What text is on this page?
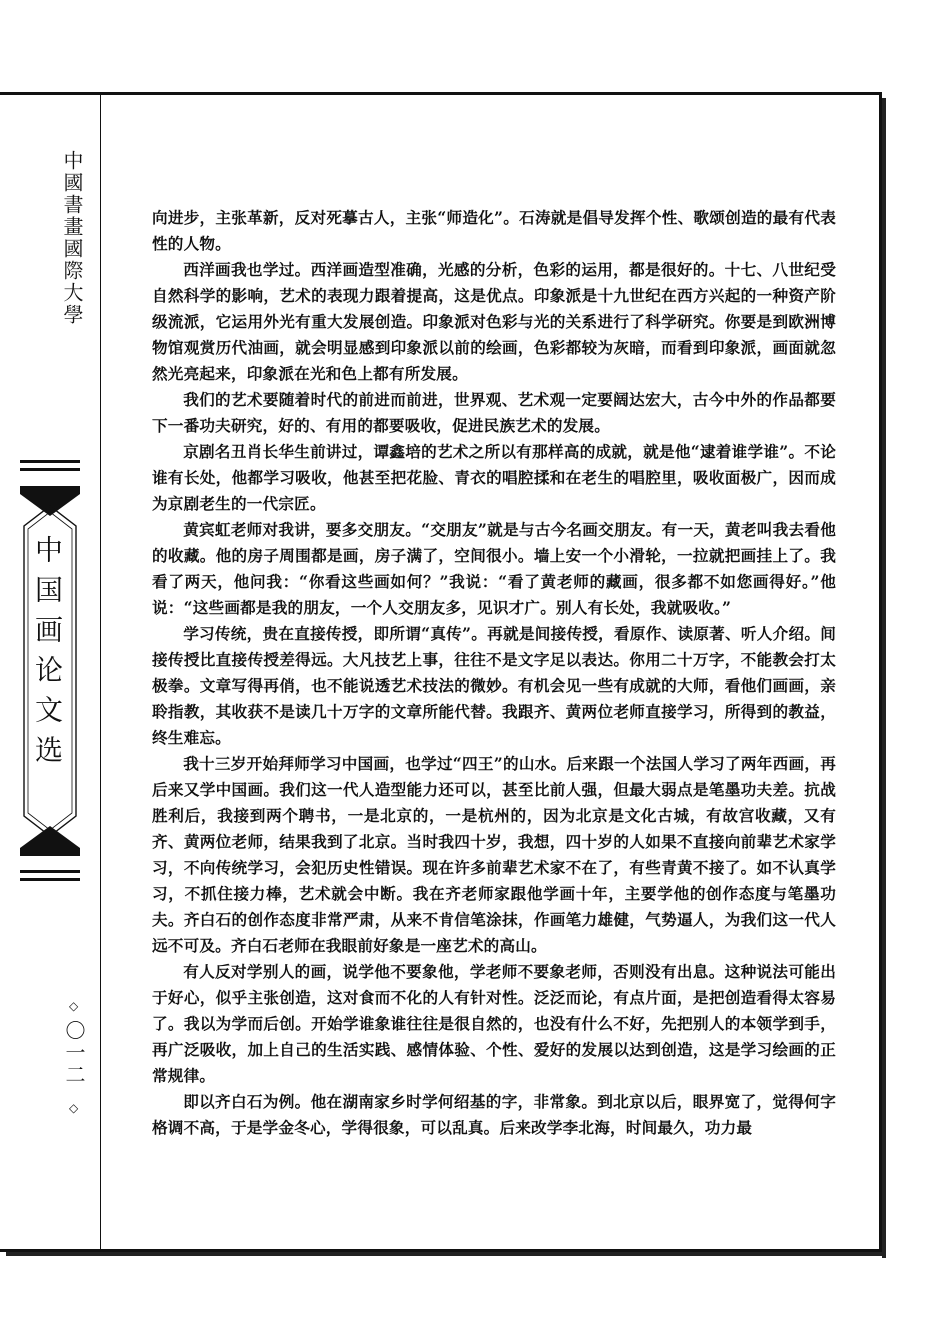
中國書畫國際大學
中国画论文选
◇
〇一二
◇

向进步，主张革新，反对死摹古人，主张“师造化”。石涛就是倡导发挥个性、歌颂创造的最有代表性的人物。

西洋画我也学过。西洋画造型准确，光感的分析，色彩的运用，都是很好的。十七、八世纪受自然科学的影响，艺术的表现力跟着提高，这是优点。印象派是十九世纪在西方兴起的一种资产阶级流派，它运用外光有重大发展创造。印象派对色彩与光的关系进行了科学研究。你要是到欧洲博物馆观赏历代油画，就会明显感到印象派以前的绘画，色彩都较为灰暗，而看到印象派，画面就忽然光亮起来，印象派在光和色上都有所发展。

我们的艺术要随着时代的前进而前进，世界观、艺术观一定要阔达宏大，古今中外的作品都要下一番功夫研究，好的、有用的都要吸收，促进民族艺术的发展。

京剧名丑肖长华生前讲过，谭鑫培的艺术之所以有那样高的成就，就是他“逮着谁学谁”。不论谁有长处，他都学习吸收，他甚至把花脸、青衣的唱腔揉和在老生的唱腔里，吸收面极广，因而成为京剧老生的一代宗匠。

黄宾虹老师对我讲，要多交朋友。“交朋友”就是与古今名画交朋友。有一天，黄老叫我去看他的收藏。他的房子周围都是画，房子满了，空间很小。墙上安一个小滑轮，一拉就把画挂上了。我看了两天，他问我：“你看这些画如何？”我说：“看了黄老师的藏画，很多都不如您画得好。”他说：“这些画都是我的朋友，一个人交朋友多，见识才广。别人有长处，我就吸收。”

学习传统，贵在直接传授，即所谓“真传”。再就是间接传授，看原作、读原著、听人介绍。间接传授比直接传授差得远。大凡技艺上事，往往不是文字足以表达。你用二十万字，不能教会打太极拳。文章写得再俏，也不能说透艺术技法的微妙。有机会见一些有成就的大师，看他们画画，亲聆指教，其收获不是读几十万字的文章所能代替。我跟齐、黄两位老师直接学习，所得到的教益，终生难忘。

我十三岁开始拜师学习中国画，也学过“四王”的山水。后来跟一个法国人学习了两年西画，再后来又学中国画。我们这一代人造型能力还可以，甚至比前人强，但最大弱点是笔墨功夫差。抗战胜利后，我接到两个聘书，一是北京的，一是杭州的，因为北京是文化古城，有故宫收藏，又有齐、黄两位老师，结果我到了北京。当时我四十岁，我想，四十岁的人如果不直接向前辈艺术家学习，不向传统学习，会犯历史性错误。现在许多前辈艺术家不在了，有些青黄不接了。如不认真学习，不抓住接力棒，艺术就会中断。我在齐老师家跟他学画十年，主要学他的创作态度与笔墨功夫。齐白石的创作态度非常严肃，从来不肯信笔涂抹，作画笔力雄健，气势逼人，为我们这一代人远不可及。齐白石老师在我眼前好象是一座艺术的高山。

有人反对学别人的画，说学他不要象他，学老师不要象老师，否则没有出息。这种说法可能出于好心，似乎主张创造，这对食而不化的人有针对性。泛泛而论，有点片面，是把创造看得太容易了。我以为学而后创。开始学谁象谁往往是很自然的，也没有什么不好，先把别人的本领学到手，再广泛吸收，加上自己的生活实践、感情体验、个性、爱好的发展以达到创造，这是学习绘画的正常规律。

即以齐白石为例。他在湖南家乡时学何绍基的字，非常象。到北京以后，眼界宽了，觉得何字格调不高，于是学金冬心，学得很象，可以乱真。后来改学李北海，时间最久，功力最
